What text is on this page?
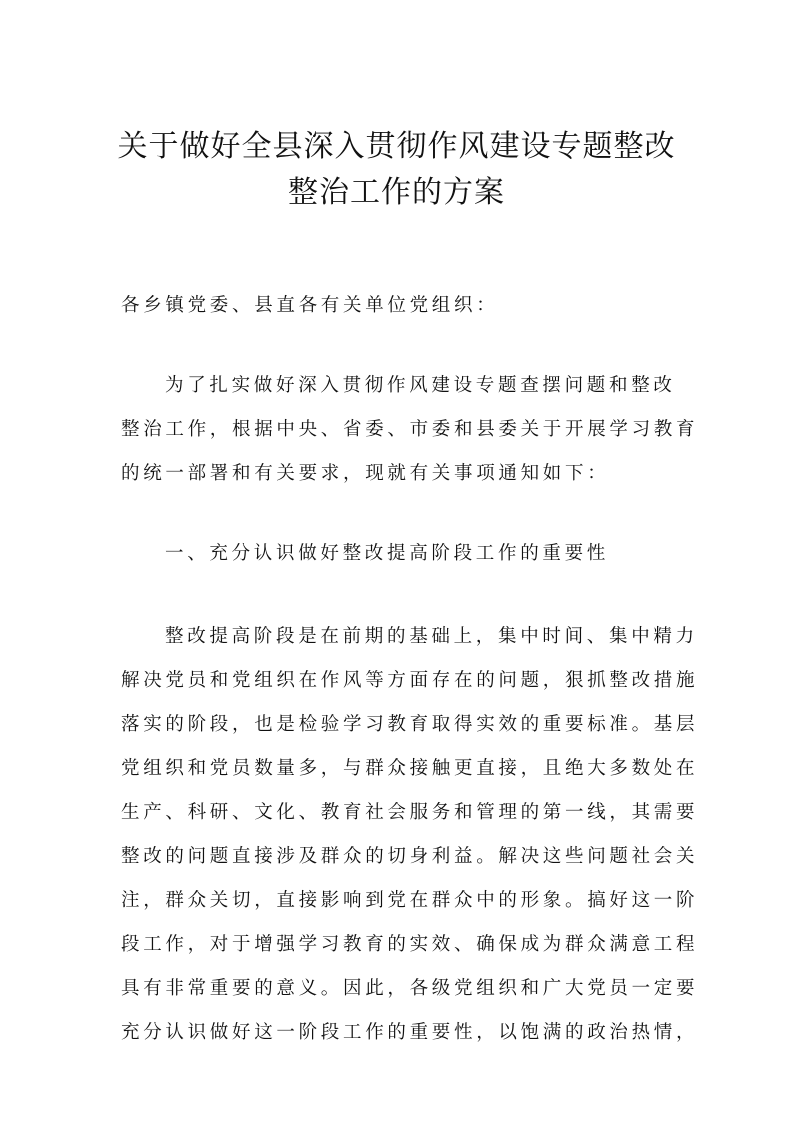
关于做好全县深入贯彻作风建设专题整改
整治工作的方案
各乡镇党委、县直各有关单位党组织：
为了扎实做好深入贯彻作风建设专题查摆问题和整改
整治工作，根据中央、省委、市委和县委关于开展学习教育
的统一部署和有关要求，现就有关事项通知如下：
一、充分认识做好整改提高阶段工作的重要性
整改提高阶段是在前期的基础上，集中时间、集中精力
解决党员和党组织在作风等方面存在的问题，狠抓整改措施
落实的阶段，也是检验学习教育取得实效的重要标准。基层
党组织和党员数量多，与群众接触更直接，且绝大多数处在
生产、科研、文化、教育社会服务和管理的第一线，其需要
整改的问题直接涉及群众的切身利益。解决这些问题社会关
注，群众关切，直接影响到党在群众中的形象。搞好这一阶
段工作，对于增强学习教育的实效、确保成为群众满意工程
具有非常重要的意义。因此，各级党组织和广大党员一定要
充分认识做好这一阶段工作的重要性，以饱满的政治热情，
